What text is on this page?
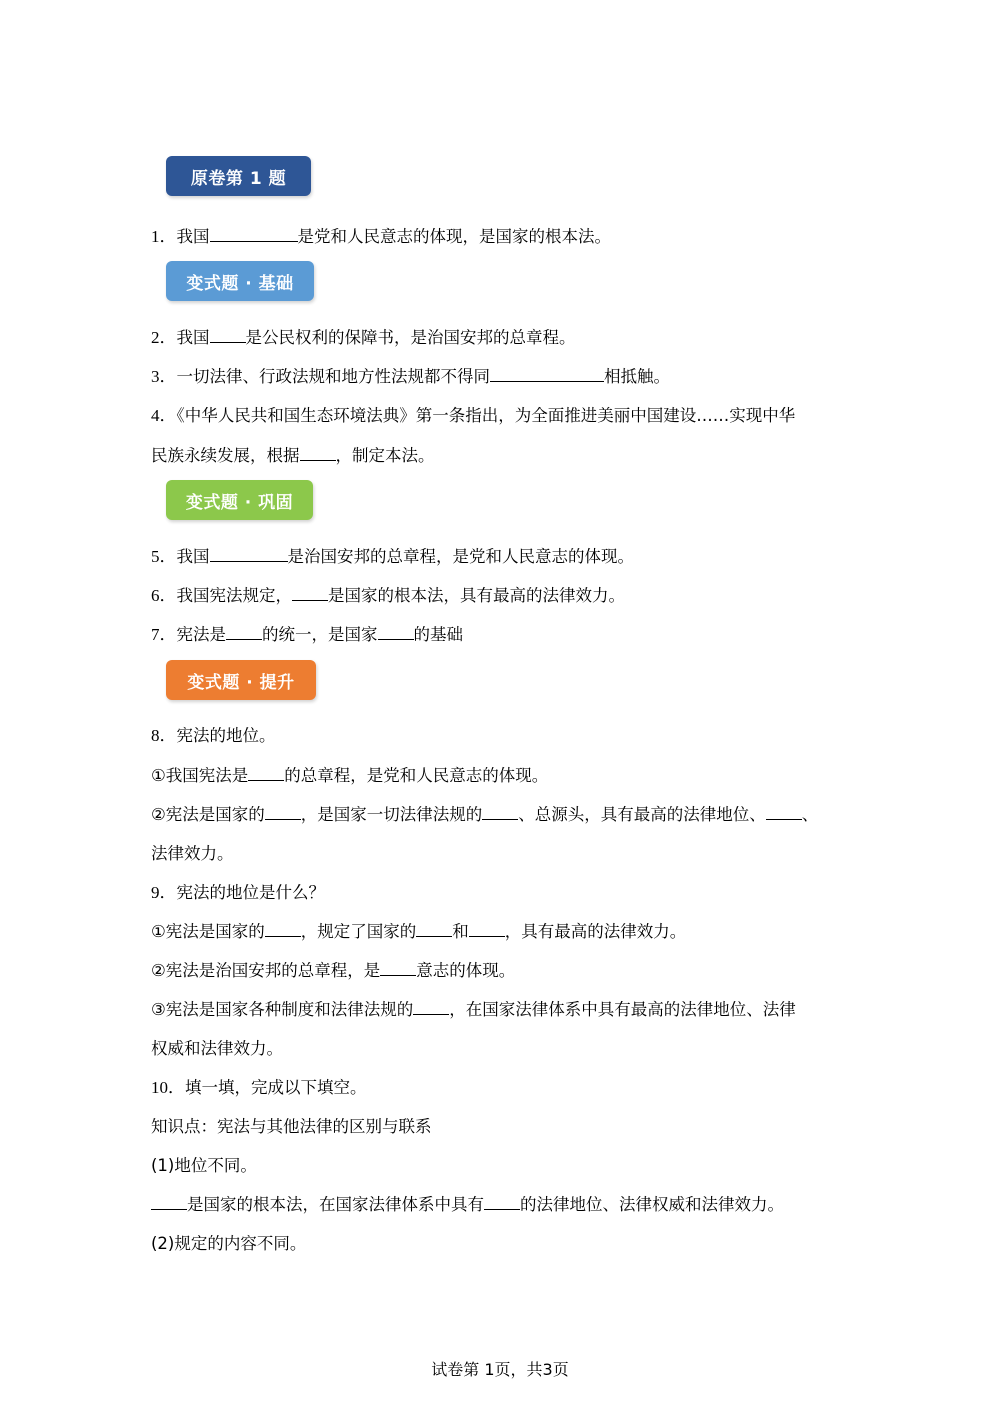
原卷第 1 题
变式题 · 基础
变式题 · 巩固
变式题 · 提升
1．我国	是党和人民意志的体现，是国家的根本法。
2．我国 是公民权利的保障书，是治国安邦的总章程。
3．一切法律、行政法规和地方性法规都不得同	相抵触。
4．《中华人民共和国生态环境法典》第一条指出，为全面推进美丽中国建设……实现中华
民族永续发展，根据 ，制定本法。
5．我国	是治国安邦的总章程，是党和人民意志的体现。
6．我国宪法规定， 是国家的根本法，具有最高的法律效力。
7．宪法是 的统一，是国家 的基础
8．宪法的地位。
①我国宪法是 的总章程，是党和人民意志的体现。
②宪法是国家的 ，是国家一切法律法规的 、总源头，具有最高的法律地位、 、
法律效力。
9．宪法的地位是什么？
①宪法是国家的 ，规定了国家的 和 ，具有最高的法律效力。
②宪法是治国安邦的总章程，是 意志的体现。
③宪法是国家各种制度和法律法规的 ，在国家法律体系中具有最高的法律地位、法律
权威和法律效力。
10．填一填，完成以下填空。
知识点：宪法与其他法律的区别与联系
(1)地位不同。
是国家的根本法，在国家法律体系中具有 的法律地位、法律权威和法律效力。
(2)规定的内容不同。
试卷第 1页，共3页
